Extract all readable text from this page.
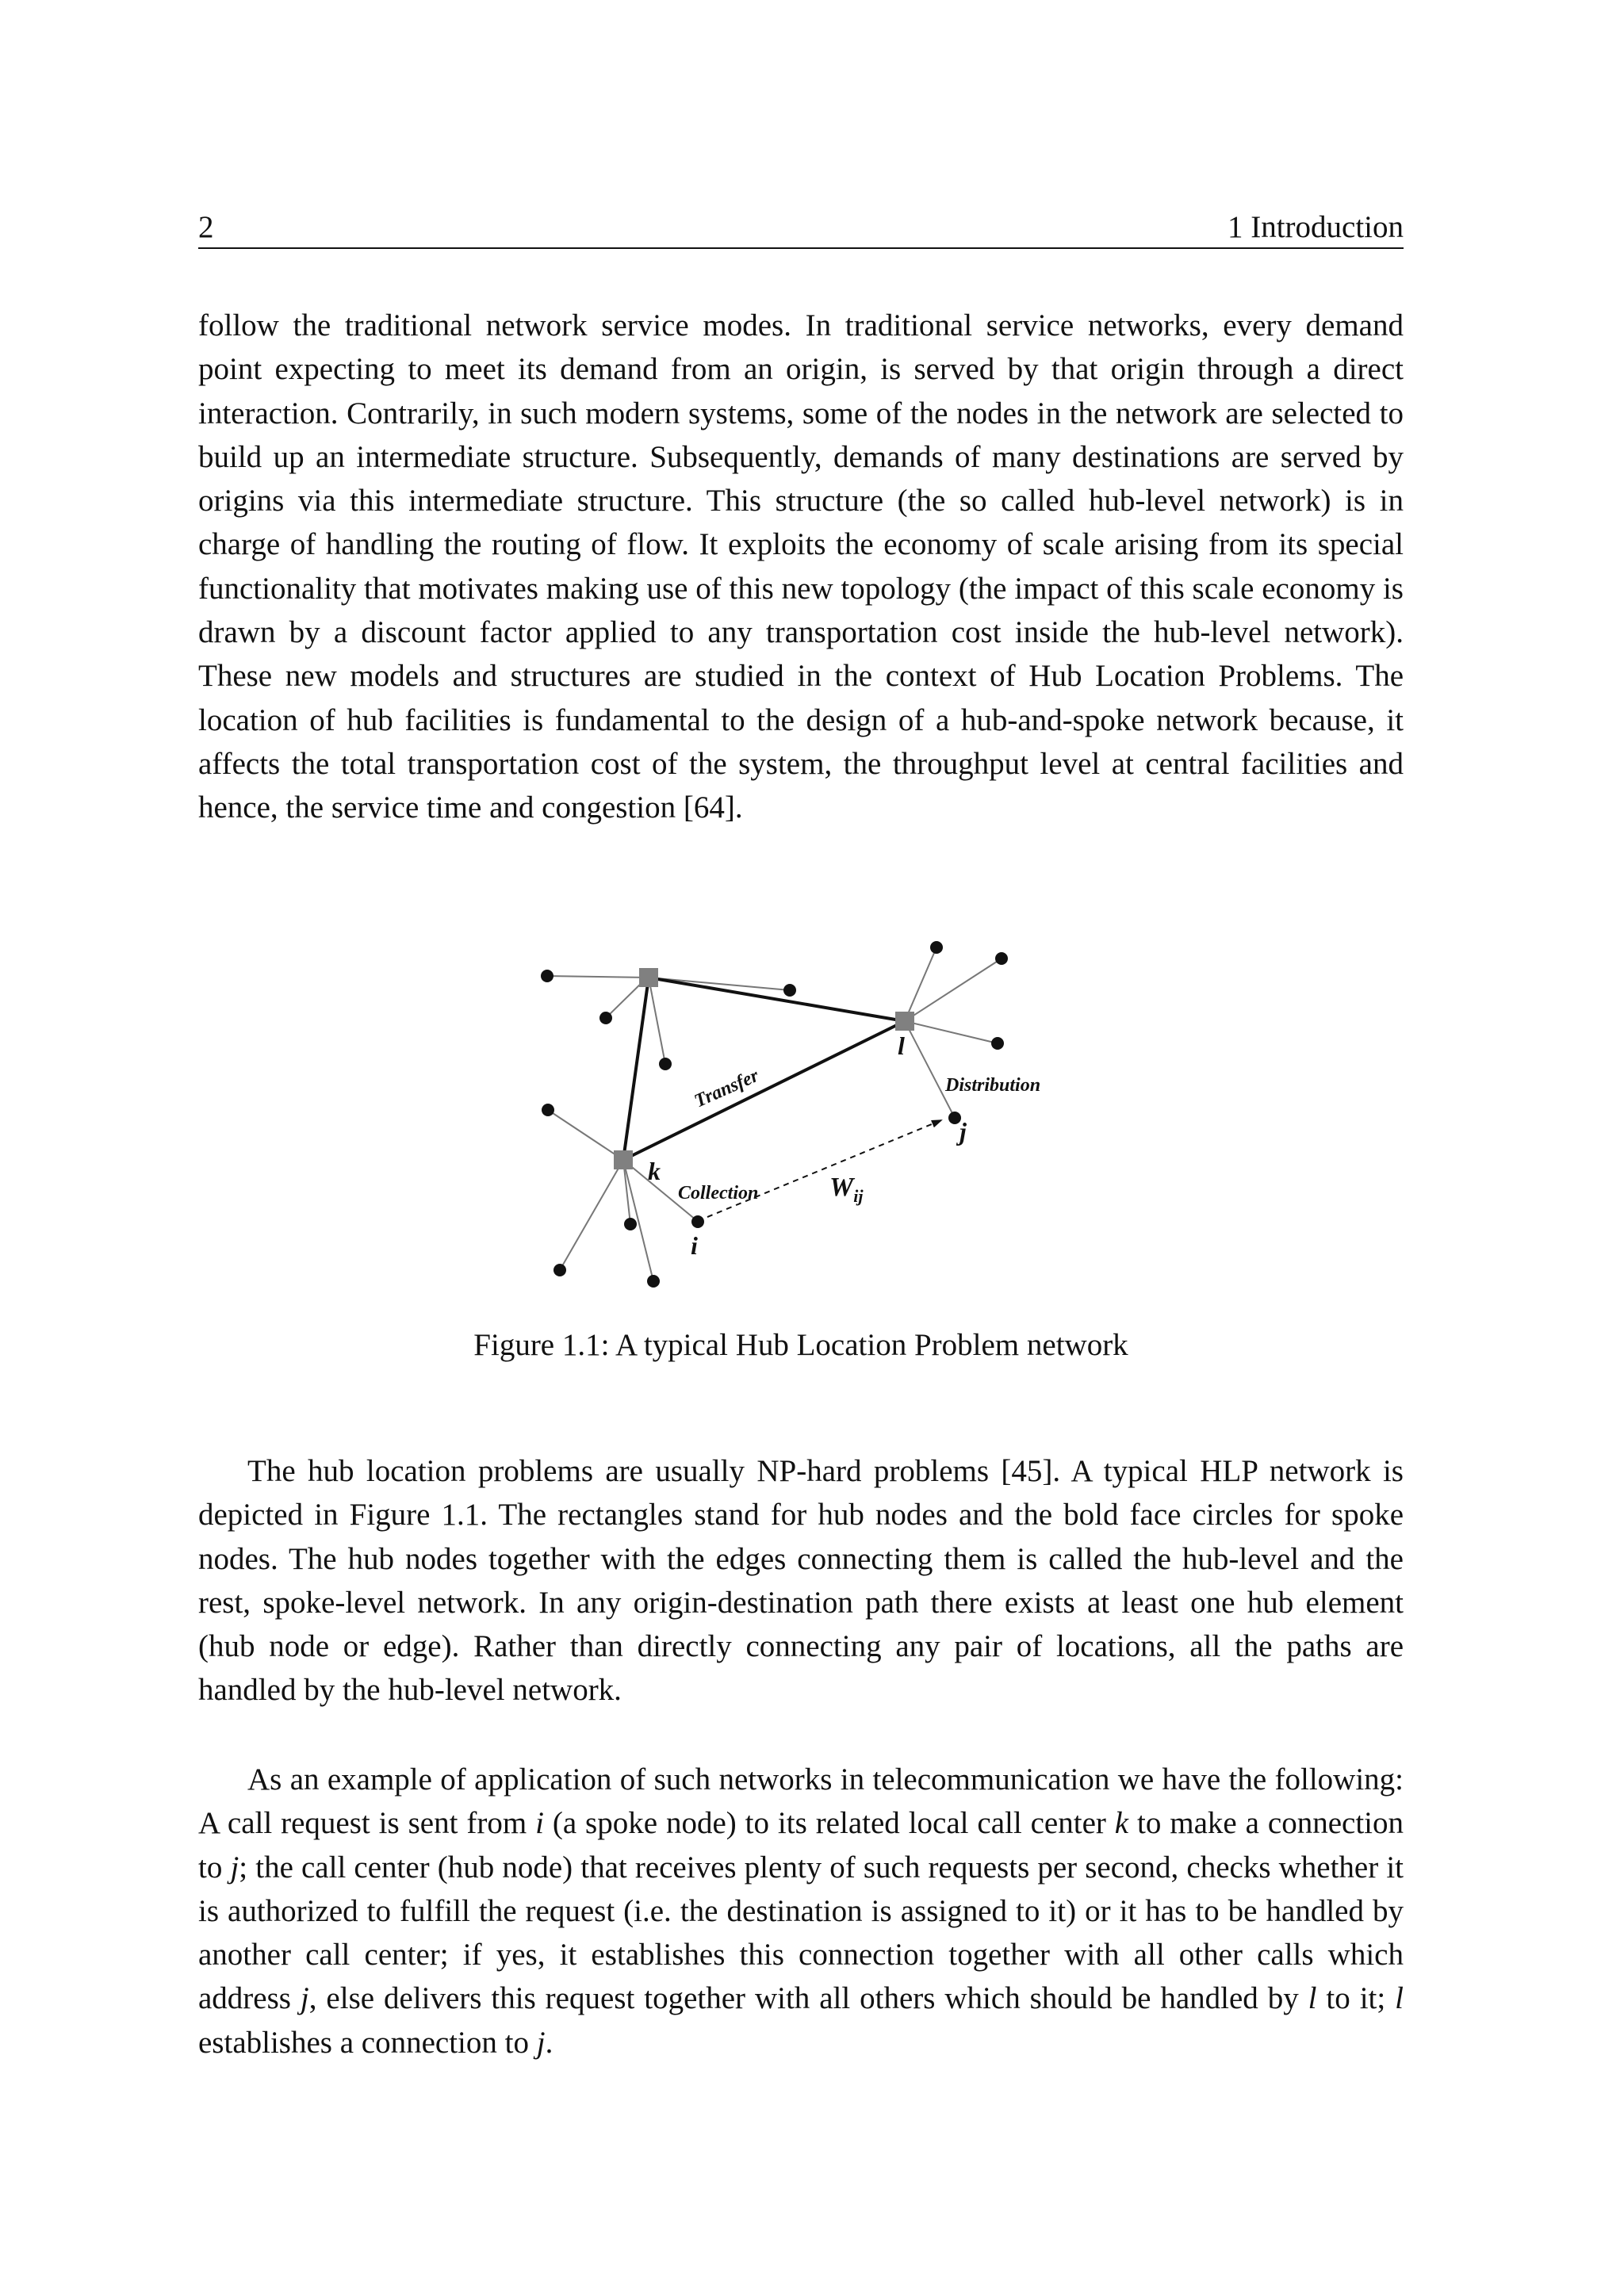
2	1 Introduction

follow the traditional network service modes. In traditional service networks, every demand point expecting to meet its demand from an origin, is served by that origin through a direct interaction. Contrarily, in such modern systems, some of the nodes in the network are selected to build up an intermediate structure. Subsequently, demands of many destinations are served by origins via this intermediate structure. This structure (the so called hub-level network) is in charge of handling the routing of flow. It exploits the economy of scale arising from its special functionality that motivates making use of this new topology (the impact of this scale economy is drawn by a discount factor applied to any transportation cost inside the hub-level network). These new models and structures are studied in the context of Hub Location Problems. The location of hub facilities is fundamental to the design of a hub-and-spoke network because, it affects the total transportation cost of the system, the throughput level at central facilities and hence, the service time and congestion [64].

Transfer	Distribution
Collection	$W_{ij}$
k
l
i
j

Figure 1.1: A typical Hub Location Problem network

The hub location problems are usually NP-hard problems [45]. A typical HLP network is depicted in Figure 1.1. The rectangles stand for hub nodes and the bold face circles for spoke nodes. The hub nodes together with the edges connecting them is called the hub-level and the rest, spoke-level network. In any origin-destination path there exists at least one hub element (hub node or edge). Rather than directly connecting any pair of locations, all the paths are handled by the hub-level network.

As an example of application of such networks in telecommunication we have the following: A call request is sent from i (a spoke node) to its related local call center k to make a connection to j; the call center (hub node) that receives plenty of such requests per second, checks whether it is authorized to fulfill the request (i.e. the destination is assigned to it) or it has to be handled by another call center; if yes, it establishes this connection together with all other calls which address j, else delivers this request together with all others which should be handled by l to it; l establishes a connection to j.
